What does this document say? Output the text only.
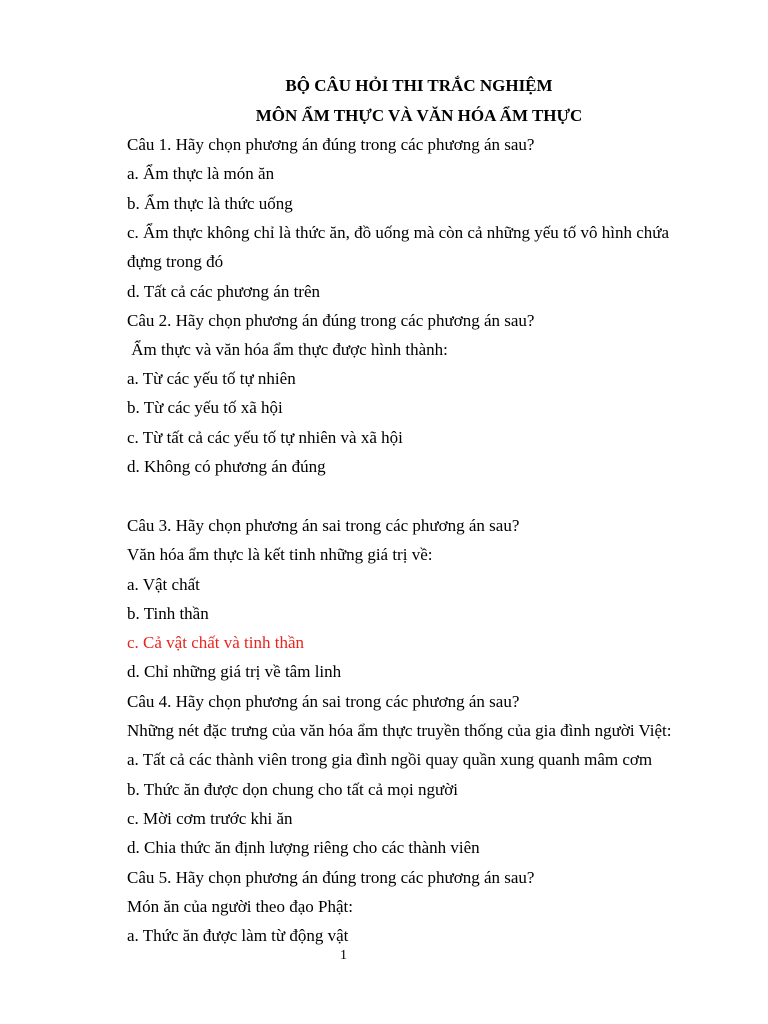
BỘ CÂU HỎI THI TRẮC NGHIỆM
MÔN ẨM THỰC VÀ VĂN HÓA ẨM THỰC
Câu 1. Hãy chọn phương án đúng trong các phương án sau?
a. Ẩm thực là món ăn
b. Ẩm thực là thức uống
c. Ẩm thực không chỉ là thức ăn, đồ uống mà còn cả những yếu tố vô hình chứa
đựng trong đó
d. Tất cả các phương án trên
Câu 2. Hãy chọn phương án đúng trong các phương án sau?
Ẩm thực và văn hóa ẩm thực được hình thành:
a. Từ các yếu tố tự nhiên
b. Từ các yếu tố xã hội
c. Từ tất cả các yếu tố tự nhiên và xã hội
d. Không có phương án đúng
Câu 3. Hãy chọn phương án sai trong các phương án sau?
Văn hóa ẩm thực là kết tinh những giá trị về:
a. Vật chất
b. Tinh thần
c. Cả vật chất và tinh thần
d. Chỉ những giá trị về tâm linh
Câu 4. Hãy chọn phương án sai trong các phương án sau?
Những nét đặc trưng của văn hóa ẩm thực truyền thống của gia đình người Việt:
a. Tất cả các thành viên trong gia đình ngồi quay quần xung quanh mâm cơm
b. Thức ăn được dọn chung cho tất cả mọi người
c. Mời cơm trước khi ăn
d. Chia thức ăn định lượng riêng cho các thành viên
Câu 5. Hãy chọn phương án đúng trong các phương án sau?
Món ăn của người theo đạo Phật:
a. Thức ăn được làm từ động vật
1
